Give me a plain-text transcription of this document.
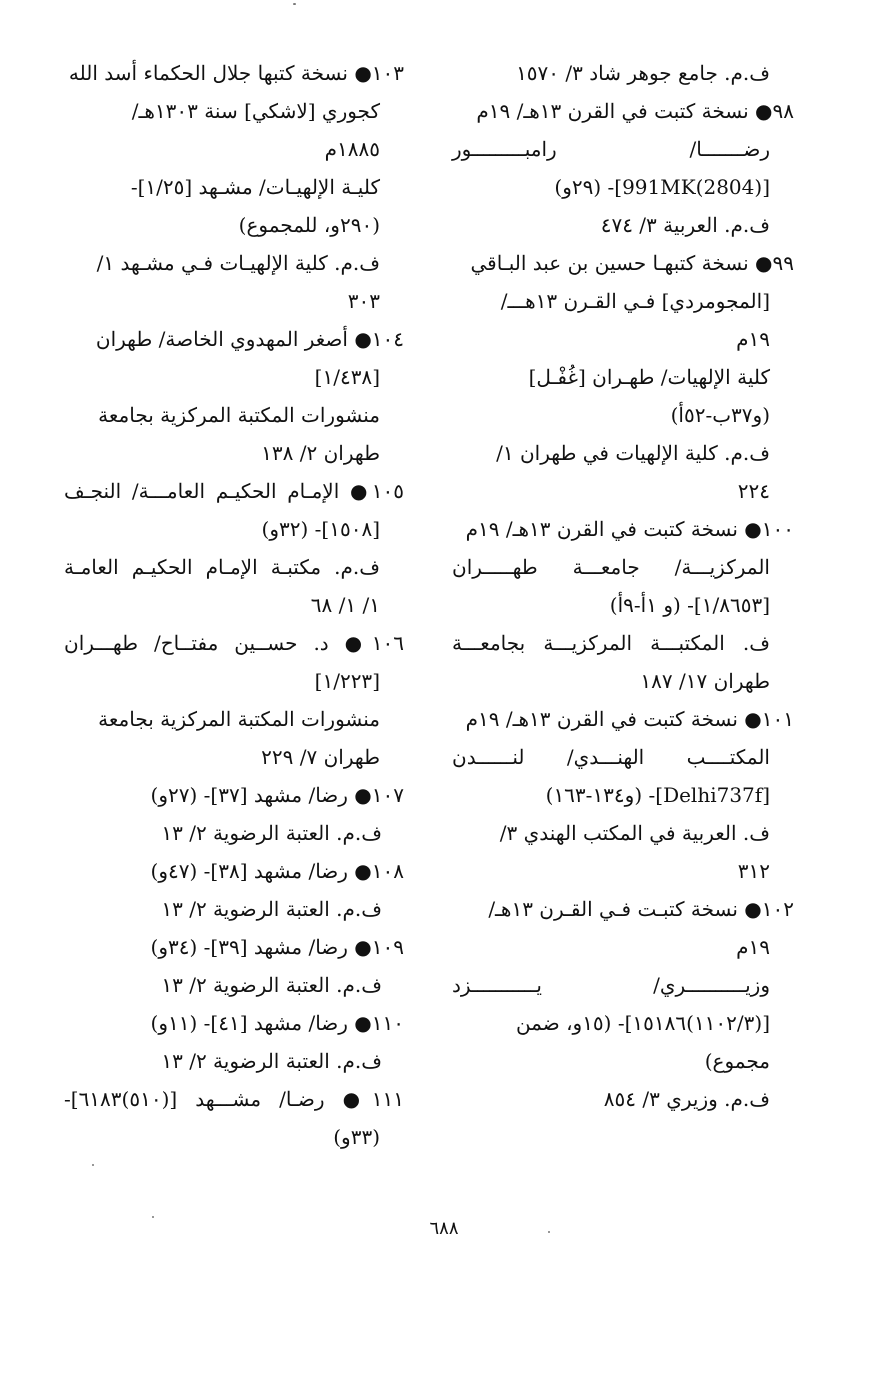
ف.م. جامع جوهر شاد ٣/ ١٥٧٠
٩٨● نسخة كتبت في القرن ١٣هـ/ ١٩م
رضـــــــا/ رامبـــــــــور
[(2804)991MK]- (٢٩و)
ف.م. العربية ٣/ ٤٧٤
٩٩● نسخة كتبهـا حسين بن عبد البـاقي
[المجومردي] فـي القـرن ١٣هـــ/
١٩م
كلية الإلهيات/ طهـران [غُفْـل]
(و٣٧ب-٥٢أ)
ف.م. كلية الإلهيات في طهران ١/
٢٢٤
١٠٠● نسخة كتبت في القرن ١٣هـ/ ١٩م
المركزيـــة/ جامعـــة طهـــــران
[١/٨٦٥٣]- (و ١أ-٩أ)
ف. المكتبـــة المركزيـــة بجامعـــة
طهران ١٧/ ١٨٧
١٠١● نسخة كتبت في القرن ١٣هـ/ ١٩م
المكتــــب الهنـــدي/ لنــــــدن
[Delhi737f]- (و١٣٤-١٦٣)
ف. العربية في المكتب الهندي ٣/
٣١٢
١٠٢● نسخة كتبـت فـي القـرن ١٣هـ/
١٩م
وزيــــــــــري/ يـــــــــــزد
[(١١٠٢/٣)١٥١٨٦]- (١٥و، ضمن
مجموع)
ف.م. وزيري ٣/ ٨٥٤
١٠٣● نسخة كتبها جلال الحكماء أسد الله
كجوري [لاشكي] سنة ١٣٠٣هـ/
١٨٨٥م
كليـة الإلهيـات/ مشـهد [١/٢٥]-
(٢٩٠و، للمجموع)
ف.م. كلية الإلهيـات فـي مشـهد ١/
٣٠٣
١٠٤● أصغر المهدوي الخاصة/ طهران
[١/٤٣٨]
منشورات المكتبة المركزية بجامعة
طهران ٢/ ١٣٨
١٠٥● الإمـام الحكيـم العامـــة/ النجـف
[١٥٠٨]- (٣٢و)
ف.م. مكتبـة الإمـام الحكيـم العامـة
١/ ١/ ٦٨
١٠٦● د. حســين مفتــاح/ طهـــران
[١/٢٢٣]
منشورات المكتبة المركزية بجامعة
طهران ٧/ ٢٢٩
١٠٧● رضا/ مشهد [٣٧]- (٢٧و)
ف.م. العتبة الرضوية ٢/ ١٣
١٠٨● رضا/ مشهد [٣٨]- (٤٧و)
ف.م. العتبة الرضوية ٢/ ١٣
١٠٩● رضا/ مشهد [٣٩]- (٣٤و)
ف.م. العتبة الرضوية ٢/ ١٣
١١٠● رضا/ مشهد [٤١]- (١١و)
ف.م. العتبة الرضوية ٢/ ١٣
١١١● رضـا/ مشـــهد [(٥١٠)٦١٨٣]-
(٣٣و)
٦٨٨
